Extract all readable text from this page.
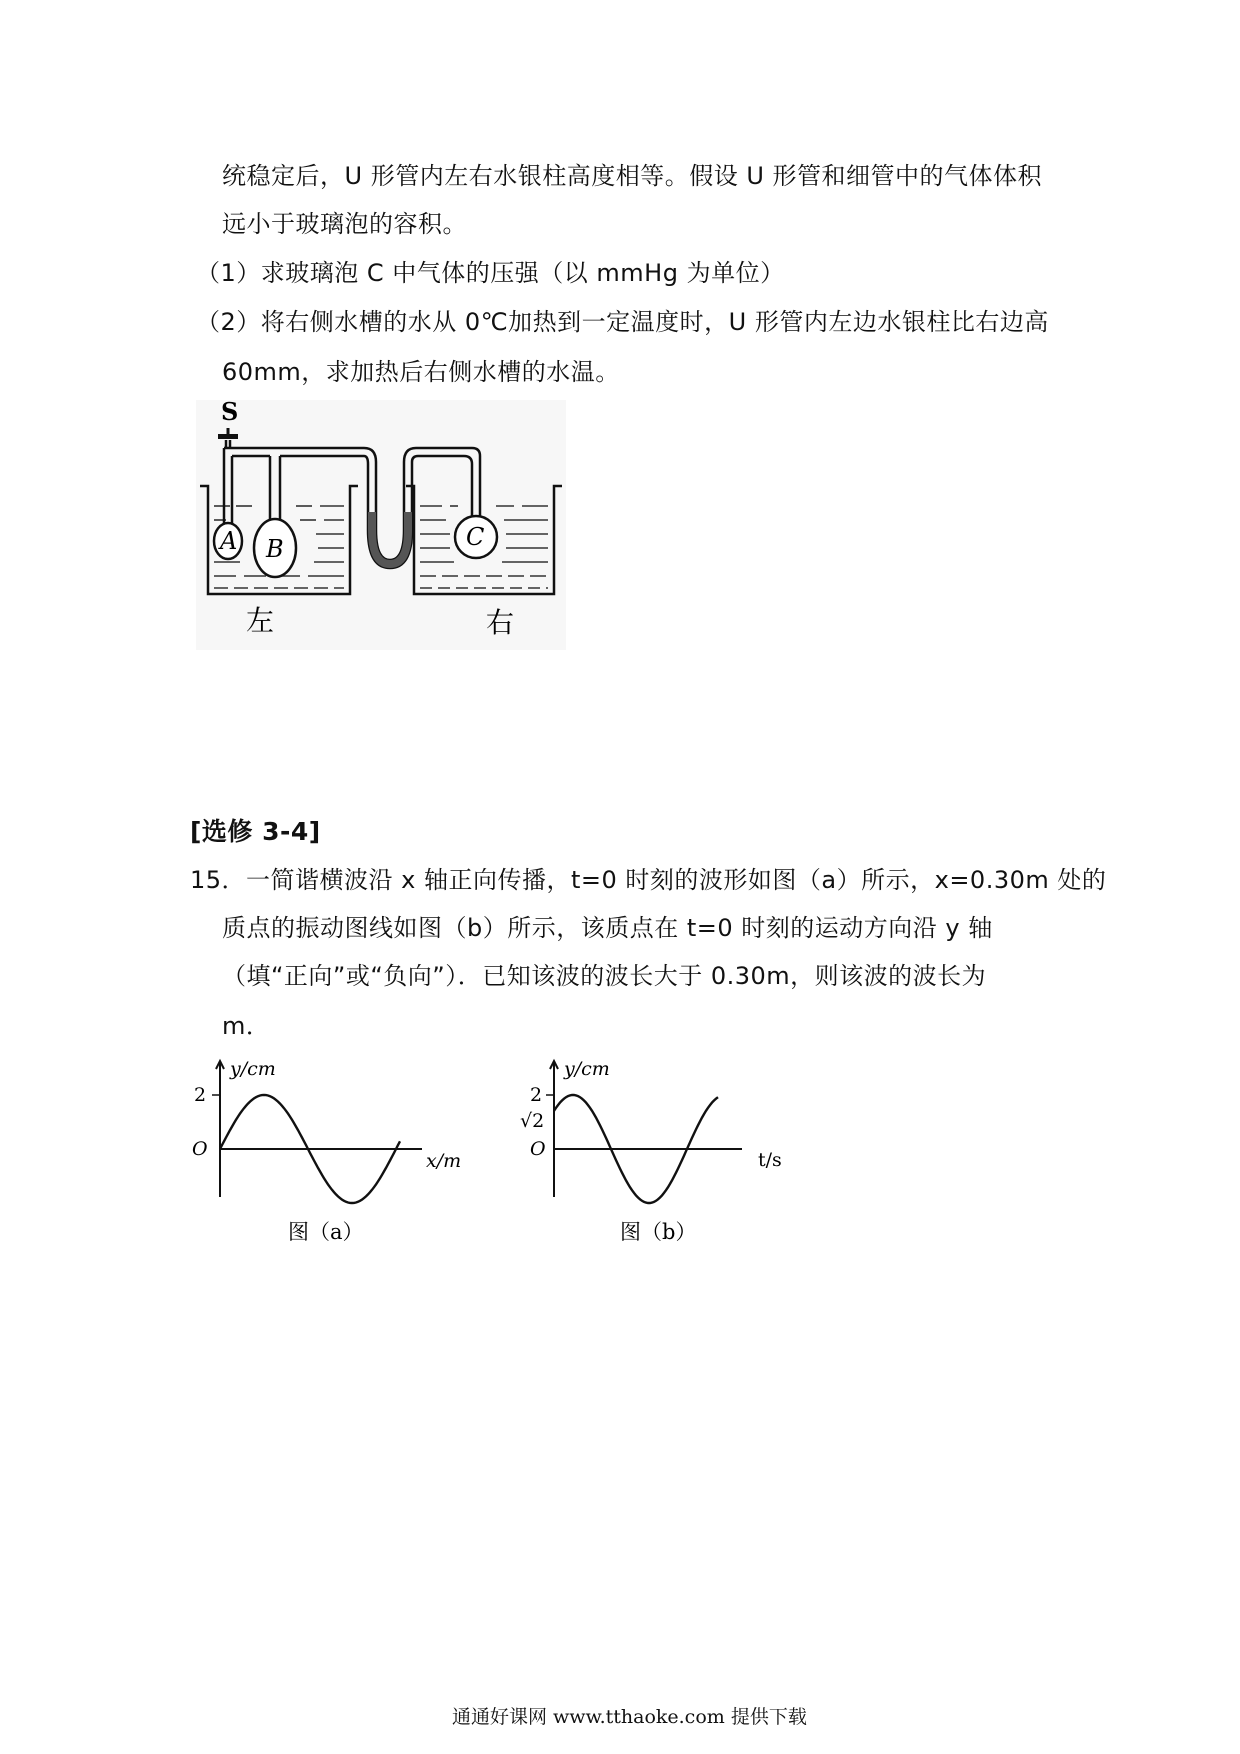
统稳定后，U 形管内左右水银柱高度相等。假设 U 形管和细管中的气体体积
远小于玻璃泡的容积。
（1）求玻璃泡 C 中气体的压强（以 mmHg 为单位）
（2）将右侧水槽的水从 0℃加热到一定温度时，U 形管内左边水银柱比右边高
60mm，求加热后右侧水槽的水温。
S
A B	C
左	右
[选修 3-4]
15．一简谐横波沿 x 轴正向传播，t=0 时刻的波形如图（a）所示，x=0.30m 处的
质点的振动图线如图（b）所示，该质点在 t=0 时刻的运动方向沿 y 轴
（填“正向”或“负向”）．已知该波的波长大于 0.30m，则该波的波长为
m．
y/cm
2
O
x/m
图（a）
y/cm
2
√2
O	t/s
图（b）
通通好课网 www.tthaoke.com 提供下载
